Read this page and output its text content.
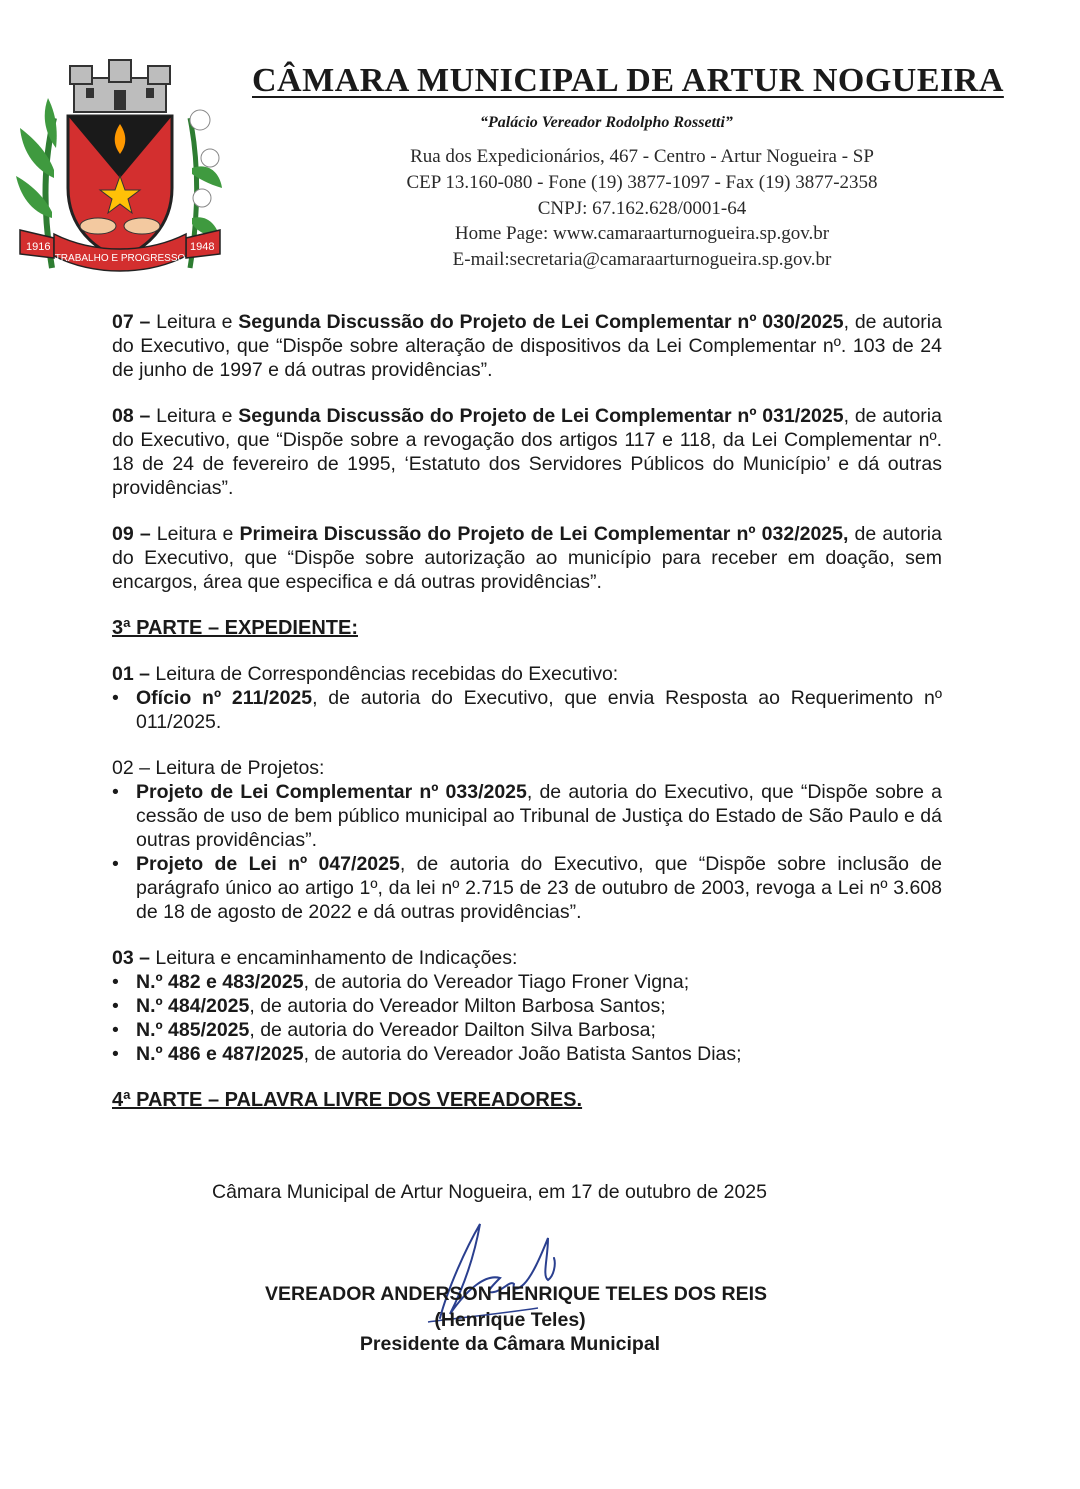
1916
TRABALHO E PROGRESSO
1948
CÂMARA MUNICIPAL DE ARTUR NOGUEIRA
“Palácio Vereador Rodolpho Rossetti”
Rua dos Expedicionários, 467 - Centro - Artur Nogueira - SP
CEP 13.160-080 - Fone (19) 3877-1097 - Fax (19) 3877-2358
CNPJ: 67.162.628/0001-64
Home Page: www.camaraarturnogueira.sp.gov.br
E-mail:secretaria@camaraarturnogueira.sp.gov.br

07 – Leitura e Segunda Discussão do Projeto de Lei Complementar nº 030/2025, de autoria do Executivo, que “Dispõe sobre alteração de dispositivos da Lei Complementar nº. 103 de 24 de junho de 1997 e dá outras providências”.

08 – Leitura e Segunda Discussão do Projeto de Lei Complementar nº 031/2025, de autoria do Executivo, que “Dispõe sobre a revogação dos artigos 117 e 118, da Lei Complementar nº. 18 de 24 de fevereiro de 1995, ‘Estatuto dos Servidores Públicos do Município’ e dá outras providências”.

09 – Leitura e Primeira Discussão do Projeto de Lei Complementar nº 032/2025, de autoria do Executivo, que “Dispõe sobre autorização ao município para receber em doação, sem encargos, área que especifica e dá outras providências”.

3ª PARTE – EXPEDIENTE:

01 – Leitura de Correspondências recebidas do Executivo:

• Ofício nº 211/2025, de autoria do Executivo, que envia Resposta ao Requerimento nº 011/2025.

02 – Leitura de Projetos:

• Projeto de Lei Complementar nº 033/2025, de autoria do Executivo, que “Dispõe sobre a cessão de uso de bem público municipal ao Tribunal de Justiça do Estado de São Paulo e dá outras providências”.
• Projeto de Lei nº 047/2025, de autoria do Executivo, que “Dispõe sobre inclusão de parágrafo único ao artigo 1º, da lei nº 2.715 de 23 de outubro de 2003, revoga a Lei nº 3.608 de 18 de agosto de 2022 e dá outras providências”.

03 – Leitura e encaminhamento de Indicações:

• N.º 482 e 483/2025, de autoria do Vereador Tiago Froner Vigna;
• N.º 484/2025, de autoria do Vereador Milton Barbosa Santos;
• N.º 485/2025, de autoria do Vereador Dailton Silva Barbosa;
• N.º 486 e 487/2025, de autoria do Vereador João Batista Santos Dias;
4ª PARTE – PALAVRA LIVRE DOS VEREADORES.
Câmara Municipal de Artur Nogueira, em 17 de outubro de 2025
VEREADOR ANDERSON HENRIQUE TELES DOS REIS
(Henrique Teles)
Presidente da Câmara Municipal
